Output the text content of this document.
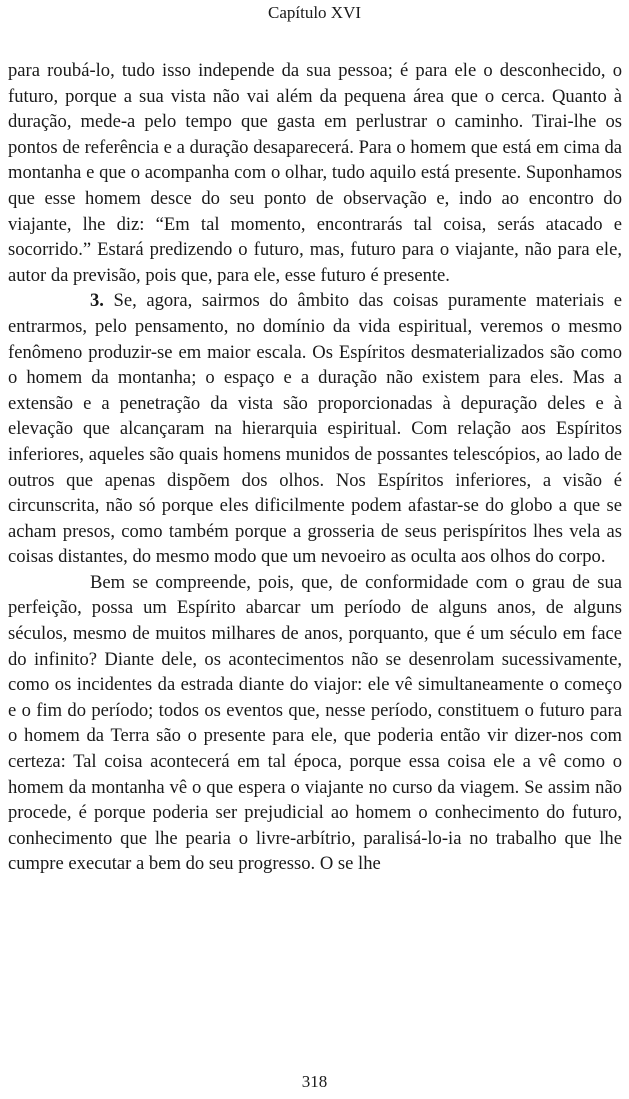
Capítulo XVI

para roubá-lo, tudo isso independe da sua pessoa; é para ele o desconhecido, o futuro, porque a sua vista não vai além da pequena área que o cerca. Quanto à duração, mede-a pelo tempo que gasta em perlustrar o caminho. Tirai-lhe os pontos de referência e a duração desaparecerá. Para o homem que está em cima da montanha e que o acompanha com o olhar, tudo aquilo está presente. Suponhamos que esse homem desce do seu ponto de observação e, indo ao encontro do viajante, lhe diz: “Em tal momento, encontrarás tal coisa, serás atacado e socorrido.” Estará predizendo o futuro, mas, futuro para o viajante, não para ele, autor da previsão, pois que, para ele, esse futuro é presente.

3. Se, agora, sairmos do âmbito das coisas puramente materiais e entrarmos, pelo pensamento, no domínio da vida espiritual, veremos o mesmo fenômeno produzir-se em maior escala. Os Espíritos desmaterializados são como o homem da montanha; o espaço e a duração não existem para eles. Mas a extensão e a penetração da vista são proporcionadas à depuração deles e à elevação que alcançaram na hierarquia espiritual. Com relação aos Espíritos inferiores, aqueles são quais homens munidos de possantes telescópios, ao lado de outros que apenas dispõem dos olhos. Nos Espíritos inferiores, a visão é circunscrita, não só porque eles dificilmente podem afastar-se do globo a que se acham presos, como também porque a grosseria de seus perispíritos lhes vela as coisas distantes, do mesmo modo que um nevoeiro as oculta aos olhos do corpo.

Bem se compreende, pois, que, de conformidade com o grau de sua perfeição, possa um Espírito abarcar um período de alguns anos, de alguns séculos, mesmo de muitos milhares de anos, porquanto, que é um século em face do infinito? Diante dele, os acontecimentos não se desenrolam sucessivamente, como os incidentes da estrada diante do viajor: ele vê simultaneamente o começo e o fim do período; todos os eventos que, nesse período, constituem o futuro para o homem da Terra são o presente para ele, que poderia então vir dizer-nos com certeza: Tal coisa acontecerá em tal época, porque essa coisa ele a vê como o homem da montanha vê o que espera o viajante no curso da viagem. Se assim não procede, é porque poderia ser prejudicial ao homem o conhecimento do futuro, conhecimento que lhe pearia o livre-arbítrio, paralisá-lo-ia no trabalho que lhe cumpre executar a bem do seu progresso. O se lhe

318
